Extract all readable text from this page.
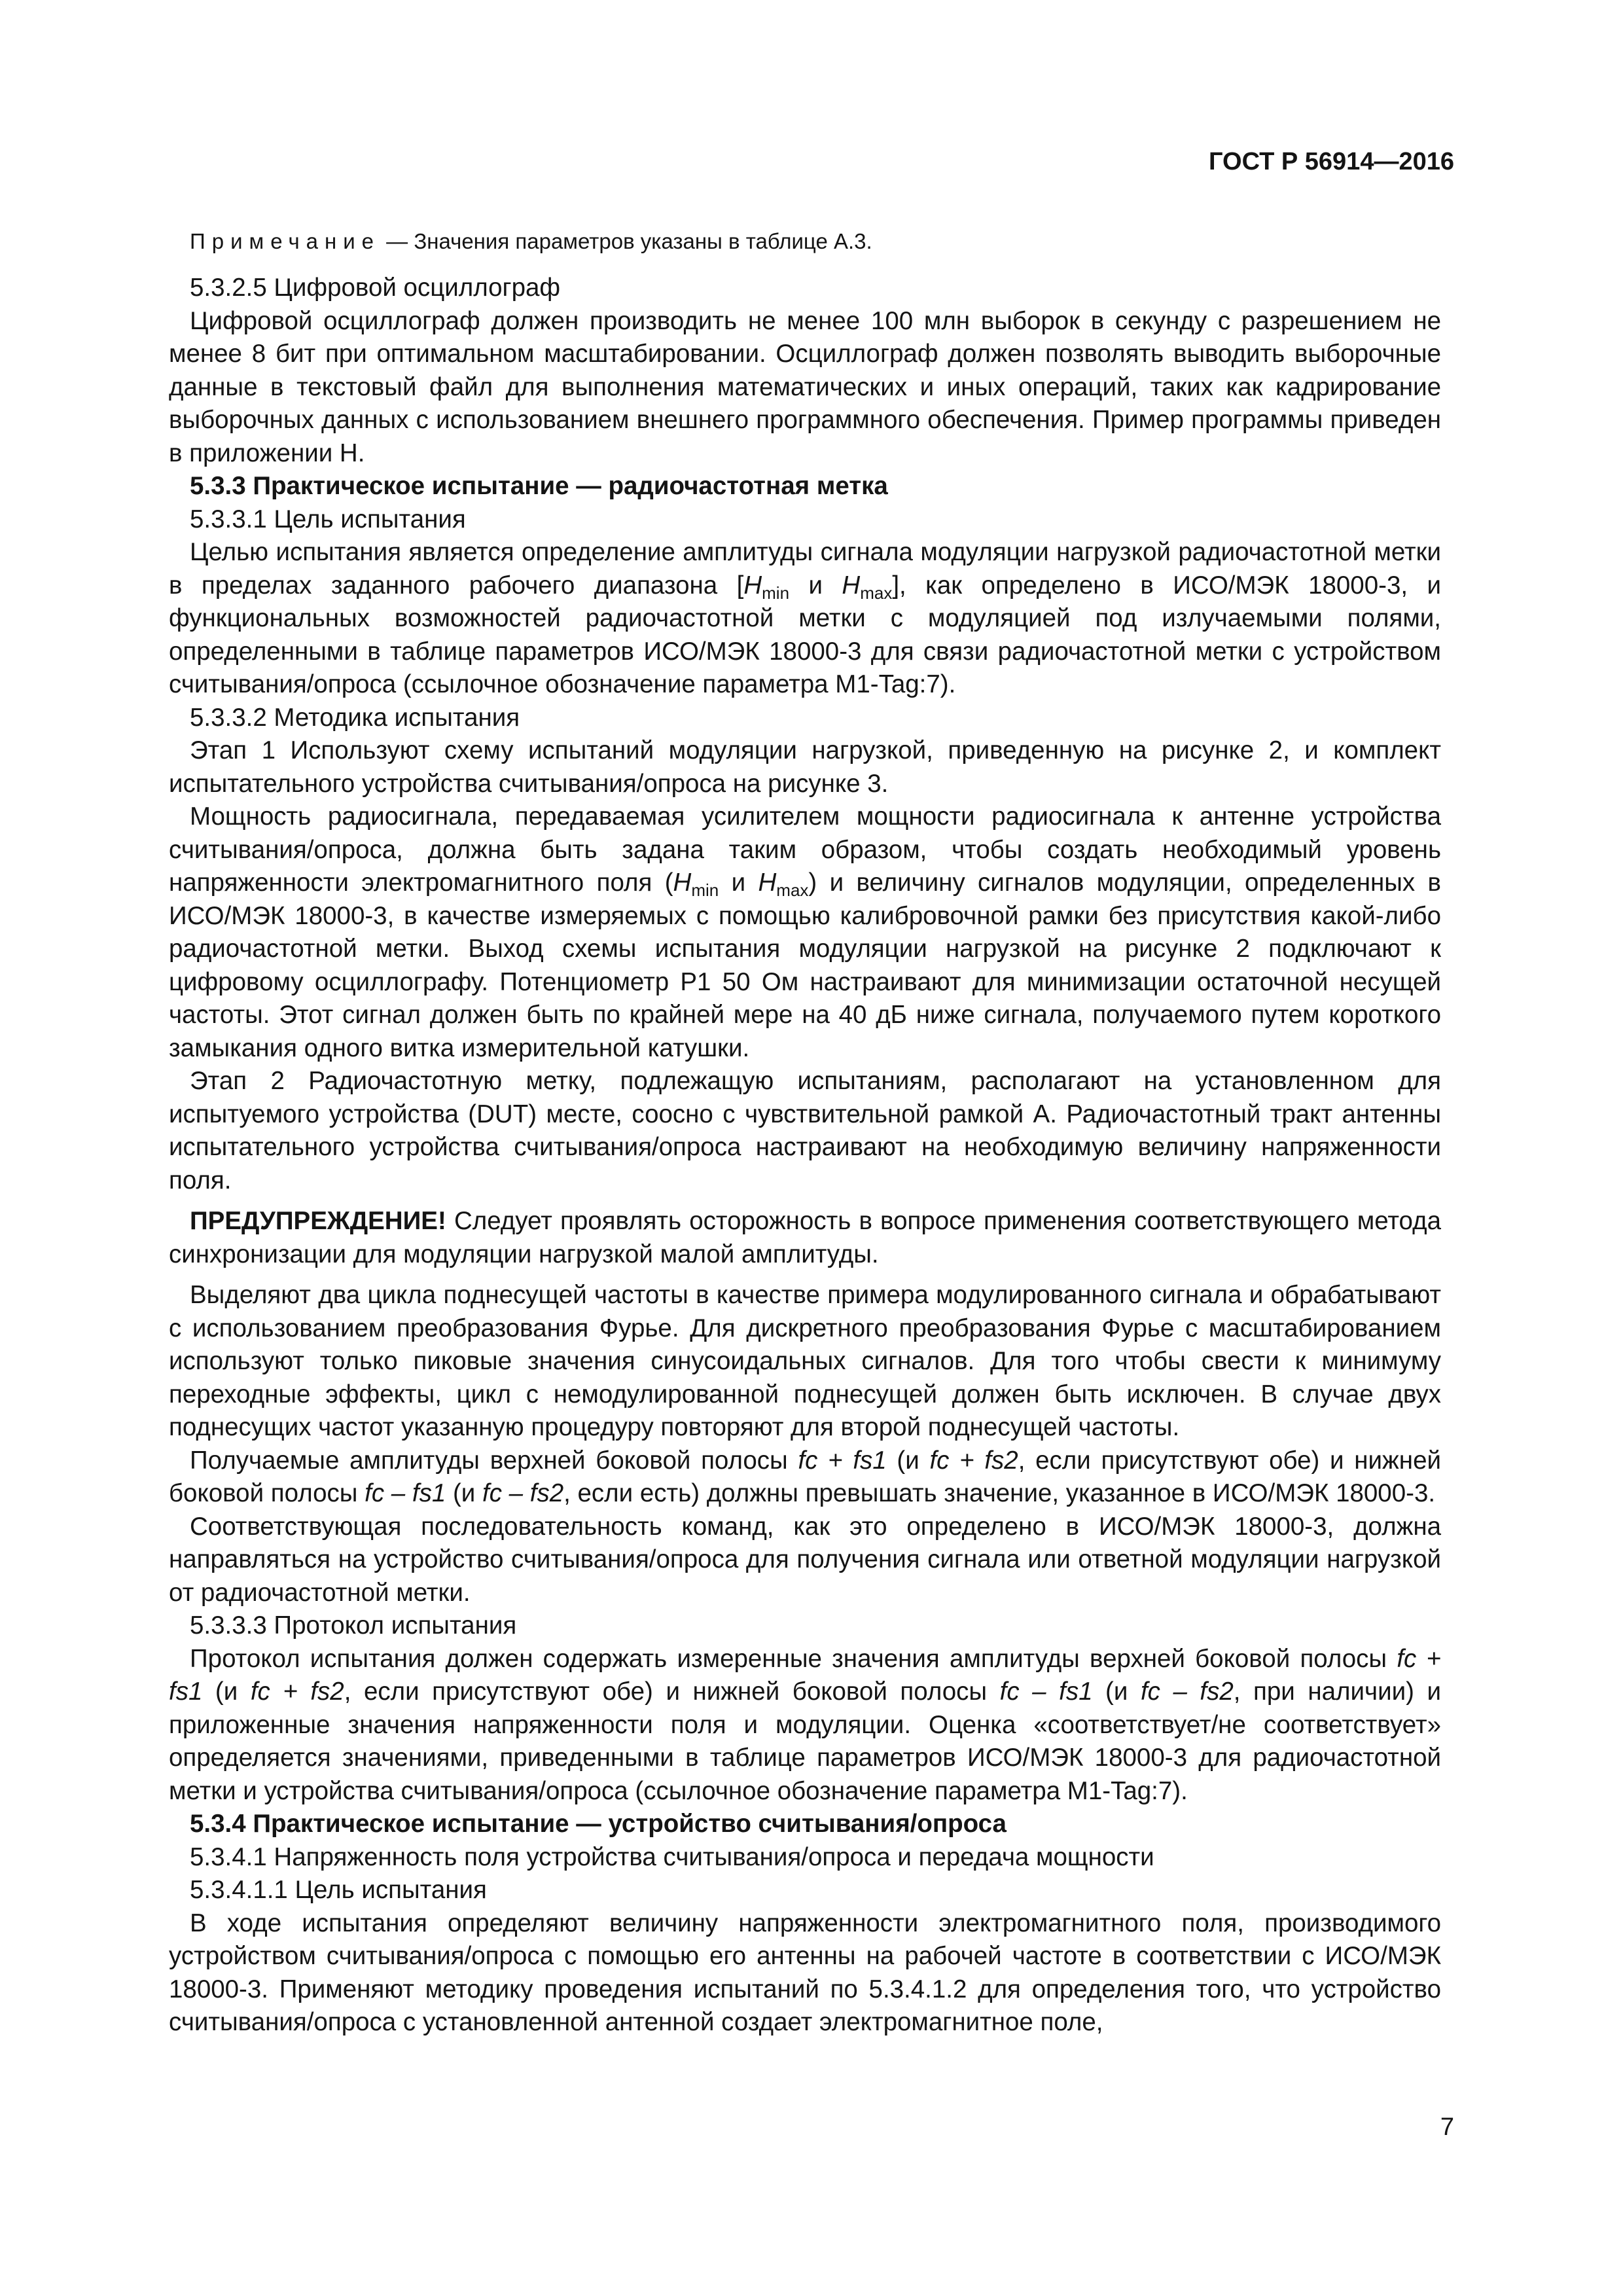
ГОСТ Р 56914—2016

Примечание — Значения параметров указаны в таблице А.3.

5.3.2.5 Цифровой осциллограф

Цифровой осциллограф должен производить не менее 100 млн выборок в секунду с разрешением не менее 8 бит при оптимальном масштабировании. Осциллограф должен позволять выводить выборочные данные в текстовый файл для выполнения математических и иных операций, таких как кадрирование выборочных данных с использованием внешнего программного обеспечения. Пример программы приведен в приложении Н.

5.3.3 Практическое испытание — радиочастотная метка

5.3.3.1 Цель испытания

Целью испытания является определение амплитуды сигнала модуляции нагрузкой радиочастотной метки в пределах заданного рабочего диапазона [$H_{min}$ и $H_{max}$], как определено в ИСО/МЭК 18000-3, и функциональных возможностей радиочастотной метки с модуляцией под излучаемыми полями, определенными в таблице параметров ИСО/МЭК 18000-3 для связи радиочастотной метки с устройством считывания/опроса (ссылочное обозначение параметра M1-Tag:7).

5.3.3.2 Методика испытания

Этап 1 Используют схему испытаний модуляции нагрузкой, приведенную на рисунке 2, и комплект испытательного устройства считывания/опроса на рисунке 3.

Мощность радиосигнала, передаваемая усилителем мощности радиосигнала к антенне устройства считывания/опроса, должна быть задана таким образом, чтобы создать необходимый уровень напряженности электромагнитного поля ($H_{min}$ и $H_{max}$) и величину сигналов модуляции, определенных в ИСО/МЭК 18000-3, в качестве измеряемых с помощью калибровочной рамки без присутствия какой-либо радиочастотной метки. Выход схемы испытания модуляции нагрузкой на рисунке 2 подключают к цифровому осциллографу. Потенциометр P1 50 Ом настраивают для минимизации остаточной несущей частоты. Этот сигнал должен быть по крайней мере на 40 дБ ниже сигнала, получаемого путем короткого замыкания одного витка измерительной катушки.

Этап 2 Радиочастотную метку, подлежащую испытаниям, располагают на установленном для испытуемого устройства (DUT) месте, соосно с чувствительной рамкой А. Радиочастотный тракт антенны испытательного устройства считывания/опроса настраивают на необходимую величину напряженности поля.

ПРЕДУПРЕЖДЕНИЕ! Следует проявлять осторожность в вопросе применения соответствующего метода синхронизации для модуляции нагрузкой малой амплитуды.

Выделяют два цикла поднесущей частоты в качестве примера модулированного сигнала и обрабатывают с использованием преобразования Фурье. Для дискретного преобразования Фурье с масштабированием используют только пиковые значения синусоидальных сигналов. Для того чтобы свести к минимуму переходные эффекты, цикл с немодулированной поднесущей должен быть исключен. В случае двух поднесущих частот указанную процедуру повторяют для второй поднесущей частоты.

Получаемые амплитуды верхней боковой полосы fc + fs1 (и fc + fs2, если присутствуют обе) и нижней боковой полосы fc – fs1 (и fc – fs2, если есть) должны превышать значение, указанное в ИСО/МЭК 18000-3.

Соответствующая последовательность команд, как это определено в ИСО/МЭК 18000-3, должна направляться на устройство считывания/опроса для получения сигнала или ответной модуляции нагрузкой от радиочастотной метки.

5.3.3.3 Протокол испытания

Протокол испытания должен содержать измеренные значения амплитуды верхней боковой полосы fc + fs1 (и fc + fs2, если присутствуют обе) и нижней боковой полосы fc – fs1 (и fc – fs2, при наличии) и приложенные значения напряженности поля и модуляции. Оценка «соответствует/не соответствует» определяется значениями, приведенными в таблице параметров ИСО/МЭК 18000-3 для радиочастотной метки и устройства считывания/опроса (ссылочное обозначение параметра M1-Tag:7).

5.3.4 Практическое испытание — устройство считывания/опроса

5.3.4.1 Напряженность поля устройства считывания/опроса и передача мощности

5.3.4.1.1 Цель испытания

В ходе испытания определяют величину напряженности электромагнитного поля, производимого устройством считывания/опроса с помощью его антенны на рабочей частоте в соответствии с ИСО/МЭК 18000-3. Применяют методику проведения испытаний по 5.3.4.1.2 для определения того, что устройство считывания/опроса с установленной антенной создает электромагнитное поле,

7
